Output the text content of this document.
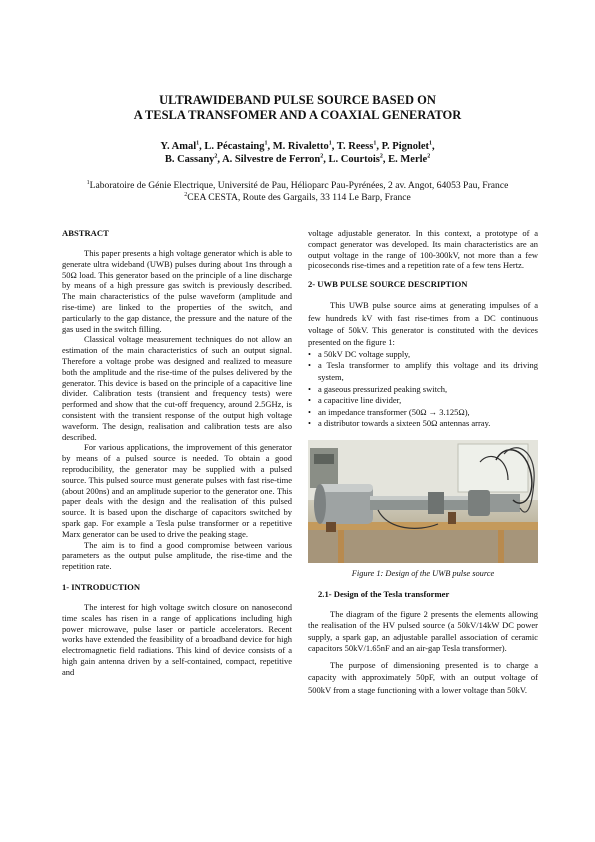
ULTRAWIDEBAND PULSE SOURCE BASED ON
A TESLA TRANSFOMER AND A COAXIAL GENERATOR
Y. Amal$^1$, L. Pécastaing$^1$, M. Rivaletto$^1$, T. Reess$^1$, P. Pignolet$^1$,
B. Cassany$^2$, A. Silvestre de Ferron$^2$, L. Courtois$^2$, E. Merle$^2$
$^1$Laboratoire de Génie Electrique, Université de Pau, Hélioparc Pau-Pyrénées, 2 av. Angot, 64053 Pau, France
$^2$CEA CESTA, Route des Gargails, 33 114 Le Barp, France
ABSTRACT

This paper presents a high voltage generator which is able to generate ultra wideband (UWB) pulses during about 1ns through a 50Ω load. This generator based on the principle of a line discharge by means of a high pressure gas switch is previously described. The main characteristics of the pulse waveform (amplitude and rise-time) are linked to the properties of the switch, and particularly to the gap distance, the pressure and the nature of the gas used in the switch filling.

Classical voltage measurement techniques do not allow an estimation of the main characteristics of such an output signal. Therefore a voltage probe was designed and realized to measure both the amplitude and the rise-time of the pulses delivered by the generator. This device is based on the principle of a capacitive line divider. Calibration tests (transient and frequency tests) were performed and show that the cut-off frequency, around 2.5GHz, is consistent with the transient response of the output high voltage waveform. The design, realisation and calibration tests are also described.

For various applications, the improvement of this generator by means of a pulsed source is needed. To obtain a good reproducibility, the generator may be supplied with a pulsed source. This pulsed source must generate pulses with fast rise-time (about 200ns) and an amplitude superior to the generator one. This paper deals with the design and the realisation of this pulsed source. It is based upon the discharge of capacitors switched by spark gap. For example a Tesla pulse transformer or a repetitive Marx generator can be used to drive the peaking stage.

The aim is to find a good compromise between various parameters as the output pulse amplitude, the rise-time and the repetition rate.

1- INTRODUCTION

The interest for high voltage switch closure on nanosecond time scales has risen in a range of applications including high power microwave, pulse laser or particle accelerators. Recent works have extended the feasibility of a broadband device for high electromagnetic field radiations. This kind of device consists of a high gain antenna driven by a self-contained, compact, repetitive and

voltage adjustable generator. In this context, a prototype of a compact generator was developed. Its main characteristics are an output voltage in the range of 100-300kV, not more than a few picoseconds rise-times and a repetition rate of a few tens Hertz.

2- UWB PULSE SOURCE DESCRIPTION

This UWB pulse source aims at generating impulses of a few hundreds kV with fast rise-times from a DC continuous voltage of 50kV. This generator is constituted with the devices presented on the figure 1:

• a 50kV DC voltage supply,
• a Tesla transformer to amplify this voltage and its driving system,
• a gaseous pressurized peaking switch,
• a capacitive line divider,
• an impedance transformer (50Ω → 3.125Ω),
• a distributor towards a sixteen 50Ω antennas array.

Figure 1: Design of the UWB pulse source

2.1- Design of the Tesla transformer

The diagram of the figure 2 presents the elements allowing the realisation of the HV pulsed source (a 50kV/14kW DC power supply, a spark gap, an adjustable parallel association of ceramic capacitors 50kV/1.65nF and an air-gap Tesla transformer).

The purpose of dimensioning presented is to charge a capacity with approximately 50pF, with an output voltage of 500kV from a stage functioning with a lower voltage than 50kV.
